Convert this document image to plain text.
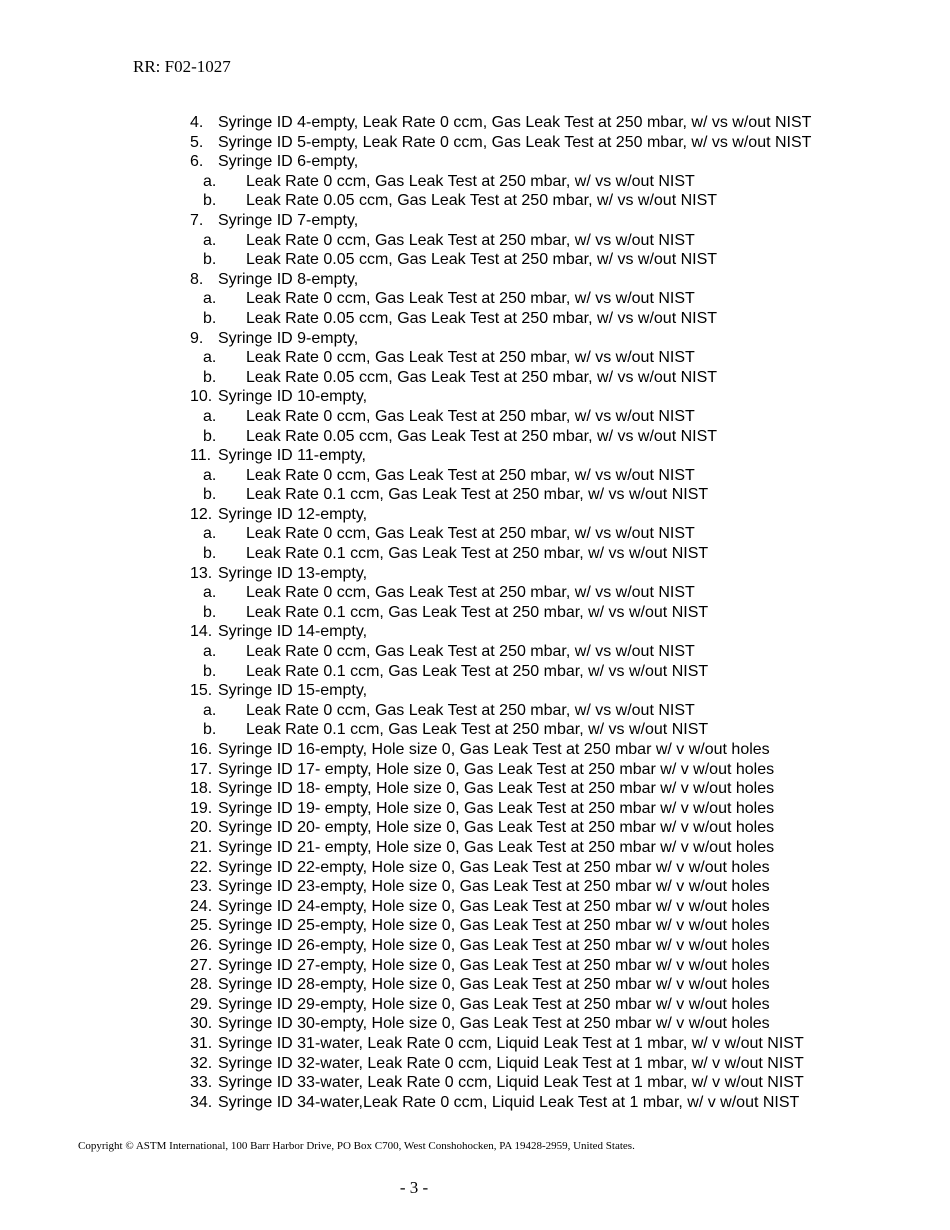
RR: F02-1027
4. Syringe ID 4-empty, Leak Rate 0 ccm, Gas Leak Test at 250 mbar, w/ vs w/out NIST
5. Syringe ID 5-empty, Leak Rate 0 ccm, Gas Leak Test at 250 mbar, w/ vs w/out NIST
6. Syringe ID 6-empty,
a. Leak Rate 0 ccm, Gas Leak Test at 250 mbar, w/ vs w/out NIST
b. Leak Rate 0.05 ccm, Gas Leak Test at 250 mbar, w/ vs w/out NIST
7. Syringe ID 7-empty,
a. Leak Rate 0 ccm, Gas Leak Test at 250 mbar, w/ vs w/out NIST
b. Leak Rate 0.05 ccm, Gas Leak Test at 250 mbar, w/ vs w/out NIST
8. Syringe ID 8-empty,
a. Leak Rate 0 ccm, Gas Leak Test at 250 mbar, w/ vs w/out NIST
b. Leak Rate 0.05 ccm, Gas Leak Test at 250 mbar, w/ vs w/out NIST
9. Syringe ID 9-empty,
a. Leak Rate 0 ccm, Gas Leak Test at 250 mbar, w/ vs w/out NIST
b. Leak Rate 0.05 ccm, Gas Leak Test at 250 mbar, w/ vs w/out NIST
10. Syringe ID 10-empty,
a. Leak Rate 0 ccm, Gas Leak Test at 250 mbar, w/ vs w/out NIST
b. Leak Rate 0.05 ccm, Gas Leak Test at 250 mbar, w/ vs w/out NIST
11. Syringe ID 11-empty,
a. Leak Rate 0 ccm, Gas Leak Test at 250 mbar, w/ vs w/out NIST
b. Leak Rate 0.1 ccm, Gas Leak Test at 250 mbar, w/ vs w/out NIST
12. Syringe ID 12-empty,
a. Leak Rate 0 ccm, Gas Leak Test at 250 mbar, w/ vs w/out NIST
b. Leak Rate 0.1 ccm, Gas Leak Test at 250 mbar, w/ vs w/out NIST
13. Syringe ID 13-empty,
a. Leak Rate 0 ccm, Gas Leak Test at 250 mbar, w/ vs w/out NIST
b. Leak Rate 0.1 ccm, Gas Leak Test at 250 mbar, w/ vs w/out NIST
14. Syringe ID 14-empty,
a. Leak Rate 0 ccm, Gas Leak Test at 250 mbar, w/ vs w/out NIST
b. Leak Rate 0.1 ccm, Gas Leak Test at 250 mbar, w/ vs w/out NIST
15. Syringe ID 15-empty,
a. Leak Rate 0 ccm, Gas Leak Test at 250 mbar, w/ vs w/out NIST
b. Leak Rate 0.1 ccm, Gas Leak Test at 250 mbar, w/ vs w/out NIST
16. Syringe ID 16-empty, Hole size 0, Gas Leak Test at 250 mbar w/ v w/out holes
17. Syringe ID 17- empty, Hole size 0, Gas Leak Test at 250 mbar w/ v w/out holes
18. Syringe ID 18- empty, Hole size 0, Gas Leak Test at 250 mbar w/ v w/out holes
19. Syringe ID 19- empty, Hole size 0, Gas Leak Test at 250 mbar w/ v w/out holes
20. Syringe ID 20- empty, Hole size 0, Gas Leak Test at 250 mbar w/ v w/out holes
21. Syringe ID 21- empty, Hole size 0, Gas Leak Test at 250 mbar w/ v w/out holes
22. Syringe ID 22-empty, Hole size 0, Gas Leak Test at 250 mbar w/ v w/out holes
23. Syringe ID 23-empty, Hole size 0, Gas Leak Test at 250 mbar w/ v w/out holes
24. Syringe ID 24-empty, Hole size 0, Gas Leak Test at 250 mbar w/ v w/out holes
25. Syringe ID 25-empty, Hole size 0, Gas Leak Test at 250 mbar w/ v w/out holes
26. Syringe ID 26-empty, Hole size 0, Gas Leak Test at 250 mbar w/ v w/out holes
27. Syringe ID 27-empty, Hole size 0, Gas Leak Test at 250 mbar w/ v w/out holes
28. Syringe ID 28-empty, Hole size 0, Gas Leak Test at 250 mbar w/ v w/out holes
29. Syringe ID 29-empty, Hole size 0, Gas Leak Test at 250 mbar w/ v w/out holes
30. Syringe ID 30-empty, Hole size 0, Gas Leak Test at 250 mbar w/ v w/out holes
31. Syringe ID 31-water, Leak Rate 0 ccm, Liquid Leak Test at 1 mbar, w/ v w/out NIST
32. Syringe ID 32-water, Leak Rate 0 ccm, Liquid Leak Test at 1 mbar, w/ v w/out NIST
33. Syringe ID 33-water, Leak Rate 0 ccm, Liquid Leak Test at 1 mbar, w/ v w/out NIST
34. Syringe ID 34-water,Leak Rate 0 ccm, Liquid Leak Test at 1 mbar, w/ v w/out NIST
Copyright © ASTM International, 100 Barr Harbor Drive, PO Box C700, West Conshohocken, PA 19428-2959, United States.
- 3 -
